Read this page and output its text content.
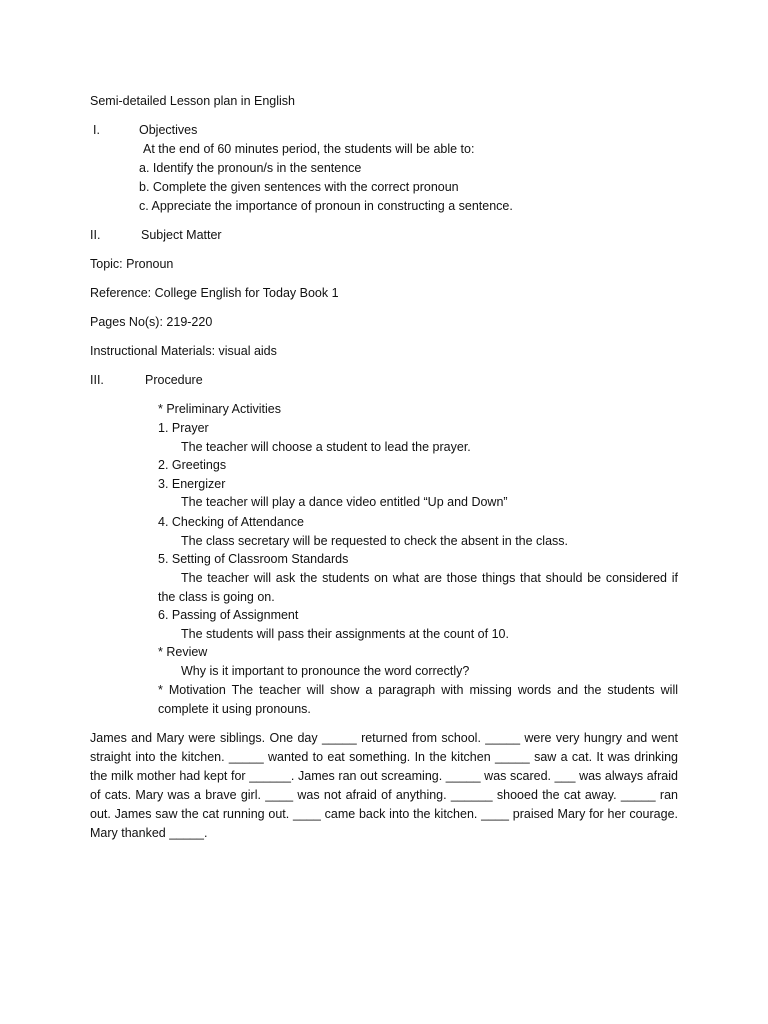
Semi-detailed Lesson plan in English
I.	Objectives
At the end of 60 minutes period, the students will be able to:
a. Identify the pronoun/s in the sentence
b. Complete the given sentences with the correct pronoun
c. Appreciate the importance of pronoun in constructing a sentence.
II.	Subject Matter
Topic: Pronoun
Reference: College English for Today Book 1
Pages No(s): 219-220
Instructional Materials: visual aids
III.	Procedure
* Preliminary Activities
1. Prayer
The teacher will choose a student to lead the prayer.
2. Greetings
3. Energizer
The teacher will play a dance video entitled “Up and Down”
4. Checking of Attendance
The class secretary will be requested to check the absent in the class.
5. Setting of Classroom Standards
The teacher will ask the students on what are those things that should be considered if the class is going on.
6. Passing of Assignment
The students will pass their assignments at the count of 10.
* Review
Why is it important to pronounce the word correctly?
* Motivation The teacher will show a paragraph with missing words and the students will complete it using pronouns.
James and Mary were siblings. One day _____ returned from school. _____ were very hungry and went straight into the kitchen. _____ wanted to eat something. In the kitchen _____ saw a cat. It was drinking the milk mother had kept for ______. James ran out screaming. _____ was scared. ___ was always afraid of cats. Mary was a brave girl. ____ was not afraid of anything. ______ shooed the cat away. _____ ran out. James saw the cat running out. ____ came back into the kitchen. ____ praised Mary for her courage. Mary thanked _____.
